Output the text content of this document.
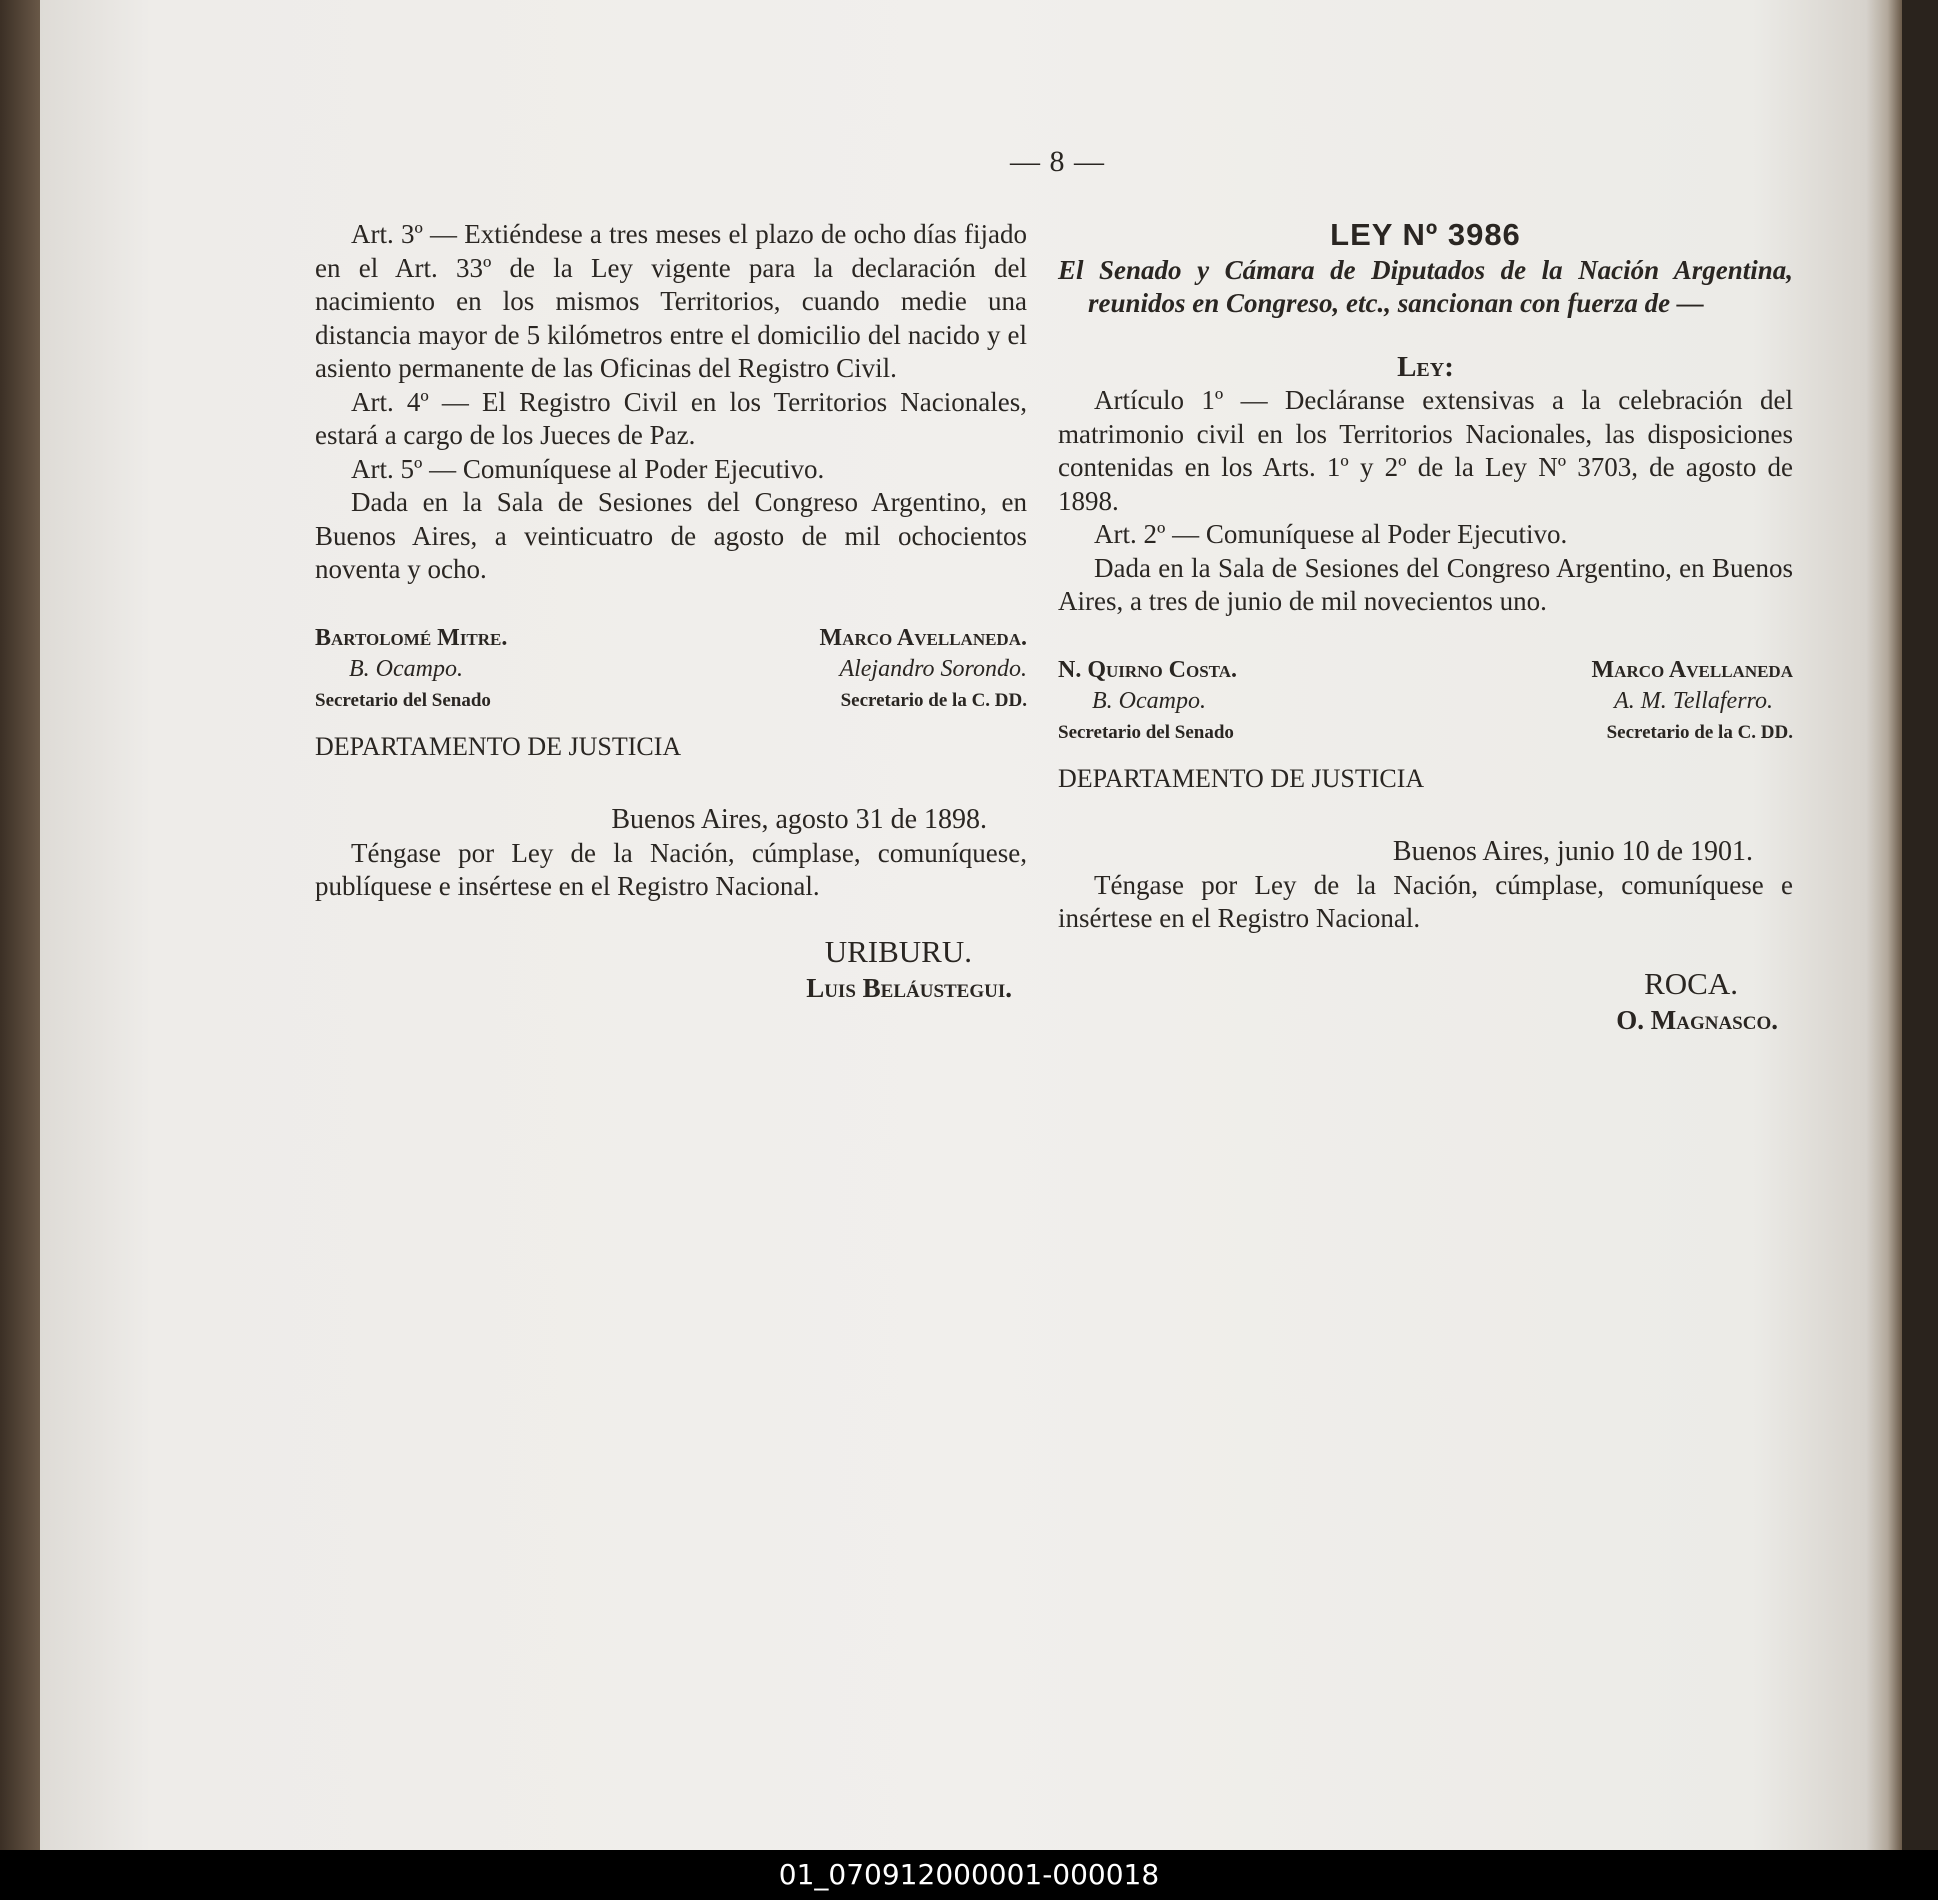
— 8 —

Art. 3º — Extiéndese a tres meses el plazo de ocho días fijado en el Art. 33º de la Ley vigente para la declaración del nacimiento en los mismos Territorios, cuando medie una distancia mayor de 5 kilómetros entre el domicilio del nacido y el asiento permanente de las Oficinas del Registro Civil.

Art. 4º — El Registro Civil en los Territorios Nacionales, estará a cargo de los Jueces de Paz.

Art. 5º — Comuníquese al Poder Ejecutivo.

Dada en la Sala de Sesiones del Congreso Argentino, en Buenos Aires, a veinticuatro de agosto de mil ochocientos noventa y ocho.

Bartolomé Mitre.
B. Ocampo.
Secretario del Senado
Marco Avellaneda.
Alejandro Sorondo.
Secretario de la C. DD.
DEPARTAMENTO DE JUSTICIA
Buenos Aires, agosto 31 de 1898.

Téngase por Ley de la Nación, cúmplase, comuníquese, publíquese e insértese en el Registro Nacional.

URIBURU.
Luis Beláustegui.
LEY Nº 3986

El Senado y Cámara de Diputados de la Nación Argentina, reunidos en Congreso, etc., sancionan con fuerza de —

Ley:

Artículo 1º — Decláranse extensivas a la celebración del matrimonio civil en los Territorios Nacionales, las disposiciones contenidas en los Arts. 1º y 2º de la Ley Nº 3703, de agosto de 1898.

Art. 2º — Comuníquese al Poder Ejecutivo.

Dada en la Sala de Sesiones del Congreso Argentino, en Buenos Aires, a tres de junio de mil novecientos uno.

N. Quirno Costa.
B. Ocampo.
Secretario del Senado
Marco Avellaneda
A. M. Tellaferro.
Secretario de la C. DD.
DEPARTAMENTO DE JUSTICIA
Buenos Aires, junio 10 de 1901.

Téngase por Ley de la Nación, cúmplase, comuníquese e insértese en el Registro Nacional.

ROCA.
O. Magnasco.
01_070912000001-000018
